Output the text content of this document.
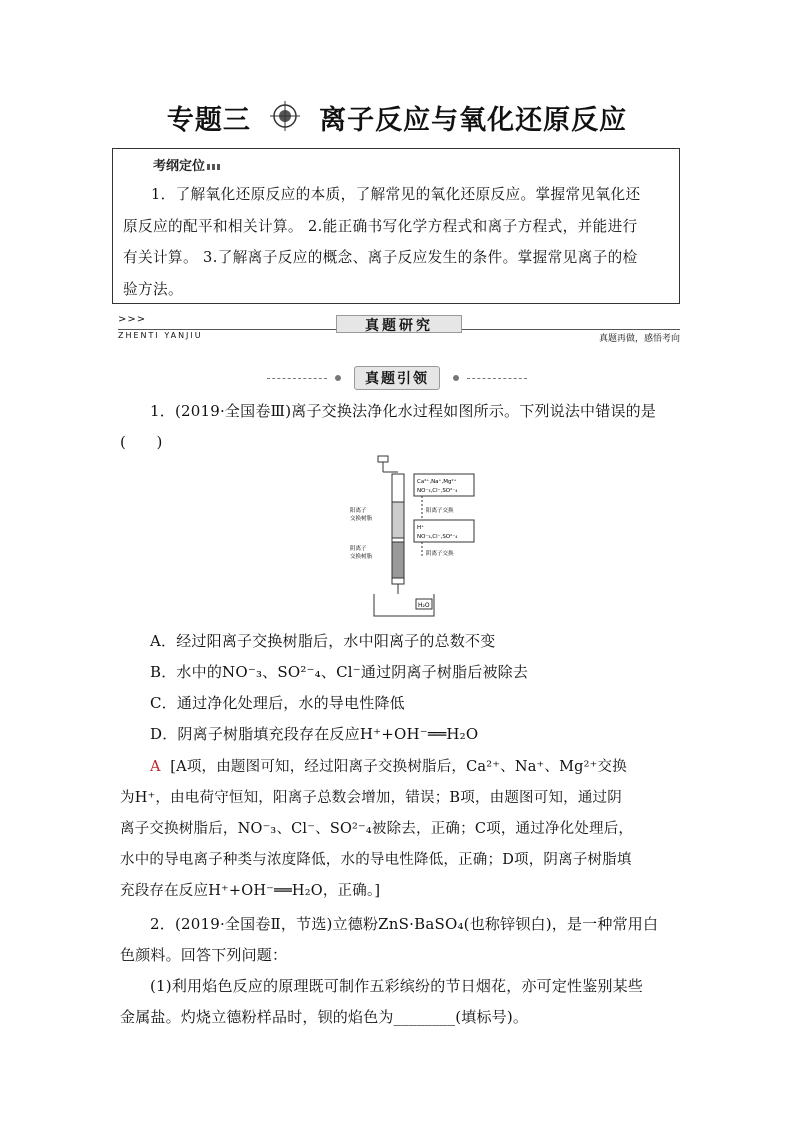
专题三	离子反应与氧化还原反应
考纲定位
1．了解氧化还原反应的本质，了解常见的氧化还原反应。掌握常见氧化还
原反应的配平和相关计算。 2.能正确书写化学方程式和离子方程式，并能进行
有关计算。 3.了解离子反应的概念、离子反应发生的条件。掌握常见离子的检
验方法。
>>>	真题研究
ZHENTI YANJIU	真题再做，感悟考向
真题引领
1．(2019·全国卷Ⅲ)离子交换法净化水过程如图所示。下列说法中错误的是
(　　)
H₂O
Ca²⁺,Na⁺,Mg²⁺
NO⁻₃,Cl⁻,SO²⁻₄
阳离子交换
H⁺
NO⁻₃,Cl⁻,SO²⁻₄
阴离子交换
阳离子
交换树脂
阴离子
交换树脂
A．经过阳离子交换树脂后，水中阳离子的总数不变
B．水中的NO⁻₃、SO²⁻₄、Cl⁻通过阴离子树脂后被除去
C．通过净化处理后，水的导电性降低
D．阴离子树脂填充段存在反应H⁺+OH⁻══H₂O
A [A项，由题图可知，经过阳离子交换树脂后，Ca²⁺、Na⁺、Mg²⁺交换
为H⁺，由电荷守恒知，阳离子总数会增加，错误；B项，由题图可知，通过阴
离子交换树脂后，NO⁻₃、Cl⁻、SO²⁻₄被除去，正确；C项，通过净化处理后，
水中的导电离子种类与浓度降低，水的导电性降低，正确；D项，阴离子树脂填
充段存在反应H⁺+OH⁻══H₂O，正确。]
2．(2019·全国卷Ⅱ，节选)立德粉ZnS·BaSO₄(也称锌钡白)，是一种常用白
色颜料。回答下列问题：
(1)利用焰色反应的原理既可制作五彩缤纷的节日烟花，亦可定性鉴别某些
金属盐。灼烧立德粉样品时，钡的焰色为________(填标号)。
